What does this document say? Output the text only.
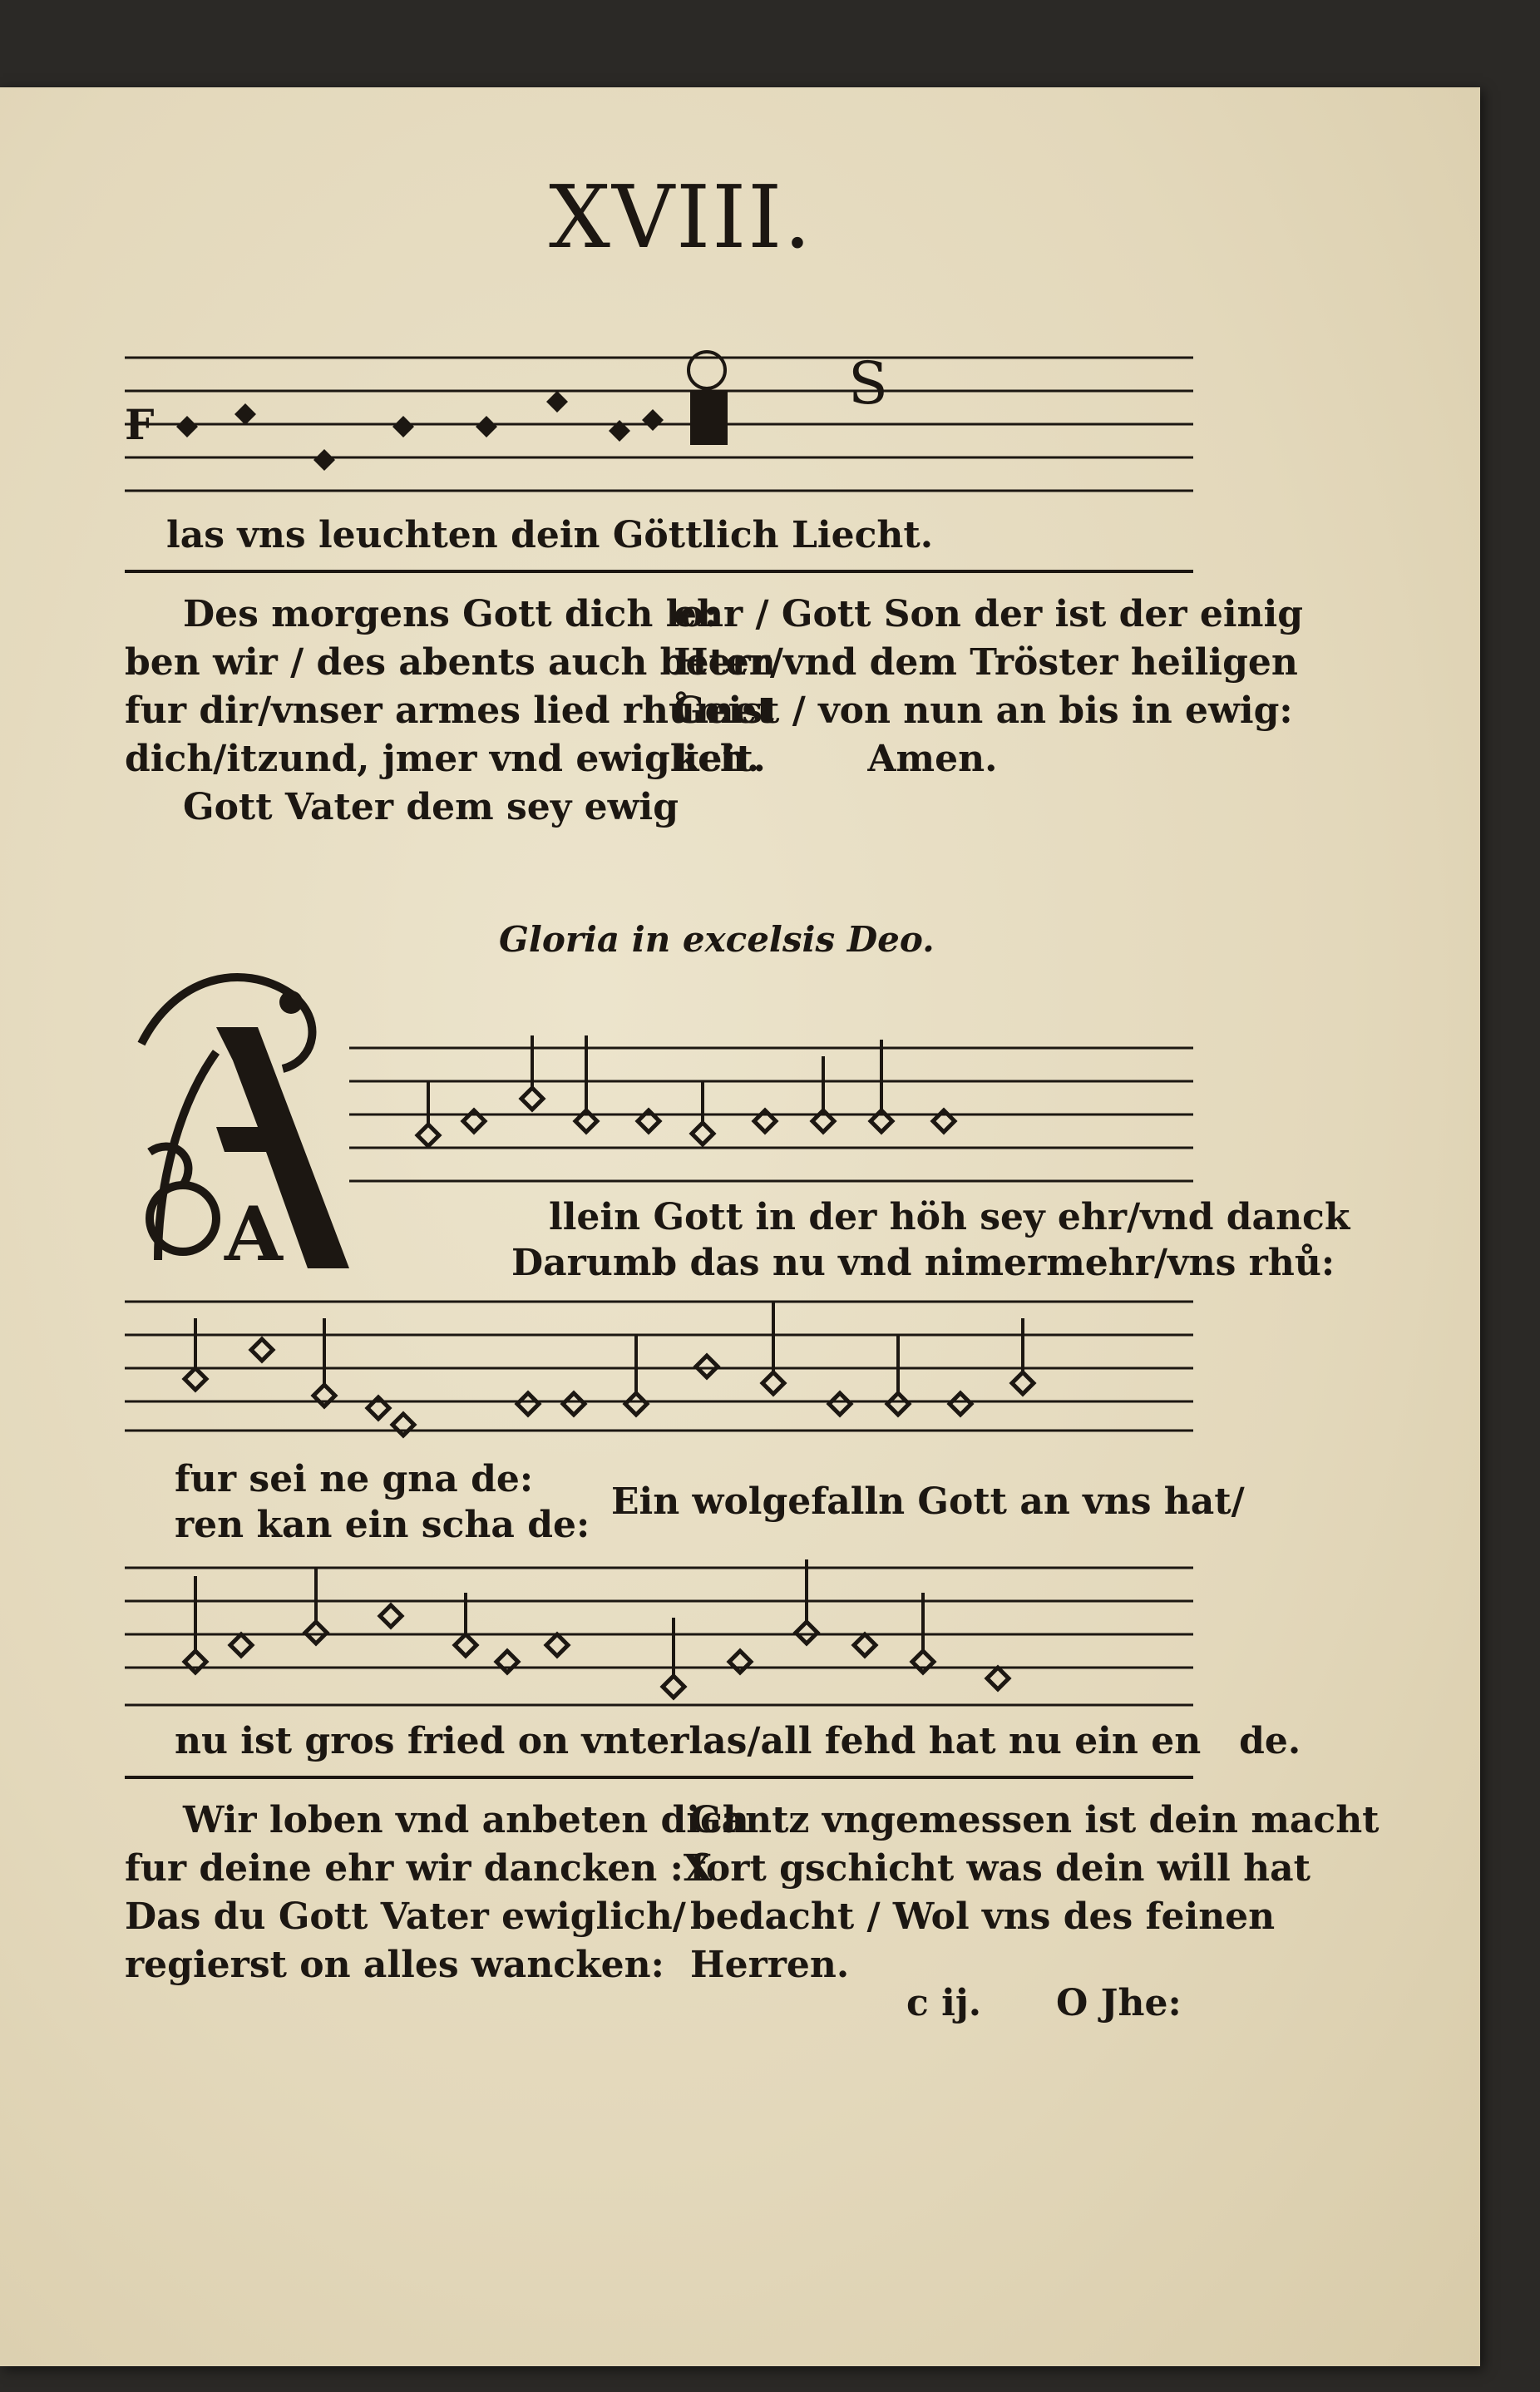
XVIII.
F
S
las vns leuchten dein Göttlich Liecht.
Des morgens Gott dich lo:
ben wir / des abents auch beten
fur dir/vnser armes lied rhůmet
dich/itzund, jmer vnd ewiglich.
Gott Vater dem sey ewig
ehr / Gott Son der ist der einig
Herr/vnd dem Tröster heiligen
Geist / von nun an bis in ewig:
keit.        Amen.
Gloria in excelsis Deo.
A	llein Gott in der höh sey ehr/vnd danck
Darumb das nu vnd nimermehr/vns rhů:
fur sei ne gna de:
ren kan ein scha de:
Ein wolgefalln Gott an vns hat/
nu ist gros fried on vnterlas/all fehd hat nu ein en   de.
Wir loben vnd anbeten dich
fur deine ehr wir dancken :X
Das du Gott Vater ewiglich/
regierst on alles wancken:
Gantz vngemessen ist dein macht
fort gschicht was dein will hat
bedacht / Wol vns des feinen
Herren.
c ij. O Jhe:
